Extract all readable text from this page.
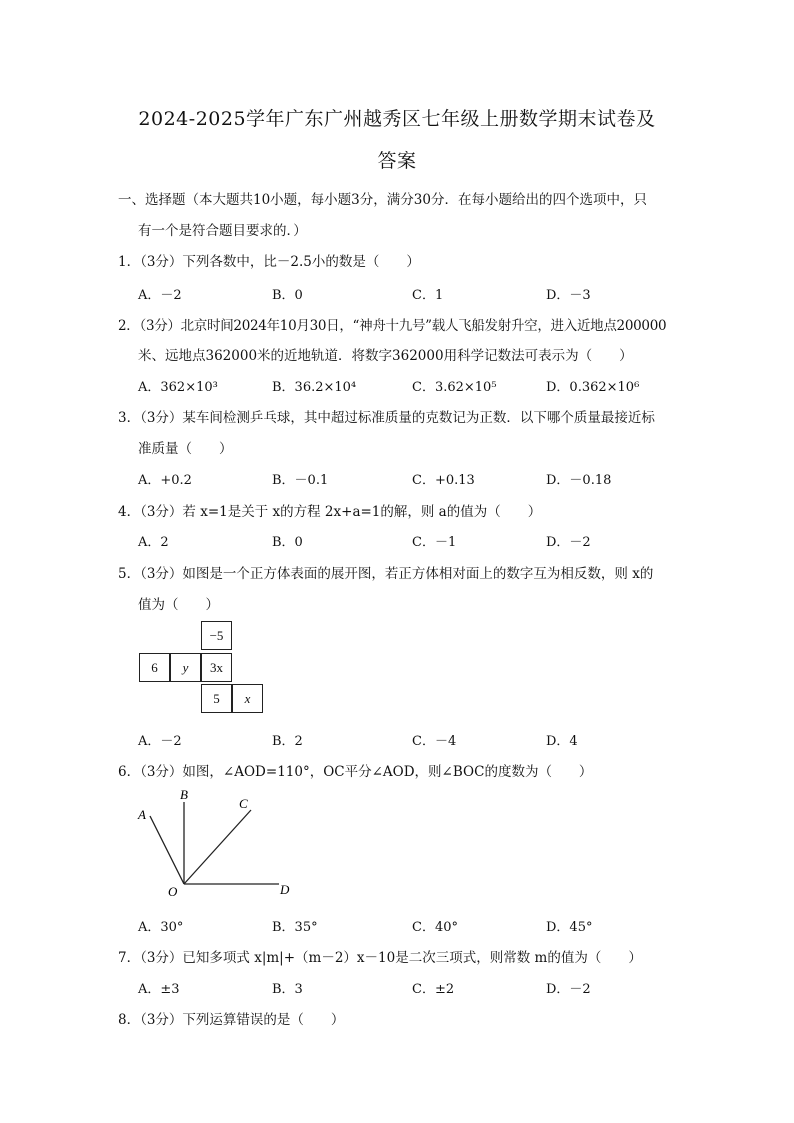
2024-2025学年广东广州越秀区七年级上册数学期末试卷及
答案
一、选择题（本大题共10小题，每小题3分，满分30分．在每小题给出的四个选项中，只
有一个是符合题目要求的．）
1．（3分）下列各数中，比－2.5小的数是（　　）
A．－2	B．0	C．1	D．－3
2．（3分）北京时间2024年10月30日，“神舟十九号”载人飞船发射升空，进入近地点200000
米、远地点362000米的近地轨道．将数字362000用科学记数法可表示为（　　）
A．362×10³	B．36.2×10⁴	C．3.62×10⁵	D．0.362×10⁶
3．（3分）某车间检测乒乓球，其中超过标准质量的克数记为正数．以下哪个质量最接近标
准质量（　　）
A．+0.2	B．－0.1	C．+0.13	D．－0.18
4．（3分）若 x=1是关于 x的方程 2x+a=1的解，则 a的值为（　　）
A．2	B．0	C．－1	D．－2
5．（3分）如图是一个正方体表面的展开图，若正方体相对面上的数字互为相反数，则 x的
值为（　　）
−5
6	y	3x
5	x
A．－2	B．2	C．－4	D．4
6．（3分）如图，∠AOD=110°，OC平分∠AOD，则∠BOC的度数为（　　）
A
B
C
O	D
A．30°	B．35°	C．40°	D．45°
7．（3分）已知多项式 x|m|+（m－2）x－10是二次三项式，则常数 m的值为（　　）
A．±3	B．3	C．±2	D．－2
8．（3分）下列运算错误的是（　　）
